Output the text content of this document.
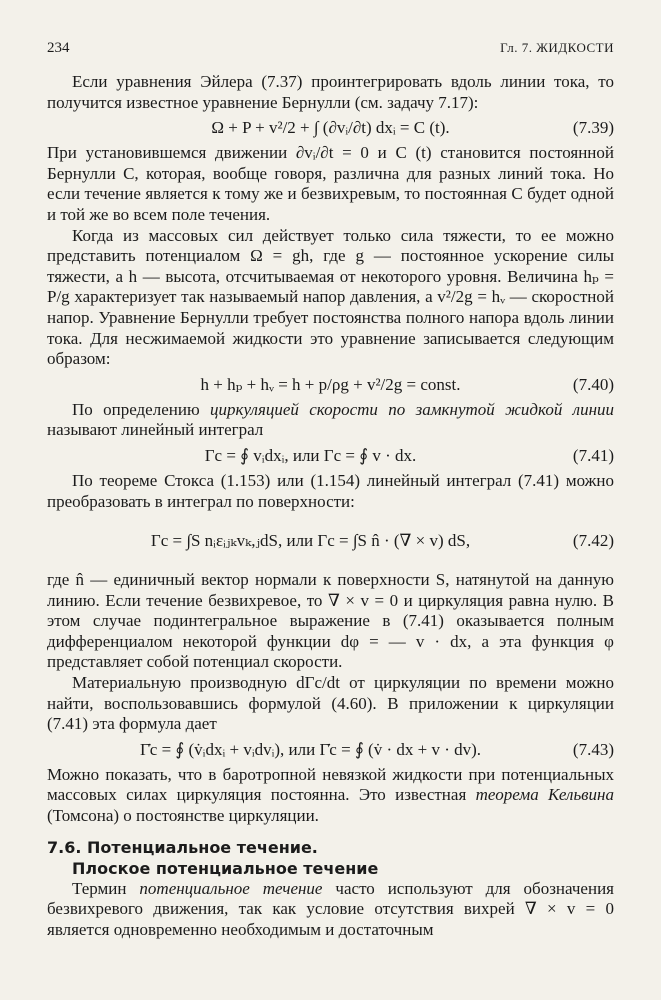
234	Гл. 7. ЖИДКОСТИ

Если уравнения Эйлера (7.37) проинтегрировать вдоль линии тока, то получится известное уравнение Бернулли (см. задачу 7.17):

Ω + P + v²/2 + ∫ (∂vᵢ/∂t) dxᵢ = C (t).	(7.39)

При установившемся движении ∂vᵢ/∂t = 0 и C (t) становится постоянной Бернулли C, которая, вообще говоря, различна для разных линий тока. Но если течение является к тому же и безвихревым, то постоянная C будет одной и той же во всем поле течения.

Когда из массовых сил действует только сила тяжести, то ее можно представить потенциалом Ω = gh, где g — постоянное ускорение силы тяжести, а h — высота, отсчитываемая от некоторого уровня. Величина hₚ = P/g характеризует так называемый напор давления, а v²/2g = hᵥ — скоростной напор. Уравнение Бернулли требует постоянства полного напора вдоль линии тока. Для несжимаемой жидкости это уравнение записывается следующим образом:

h + hₚ + hᵥ = h + p/ρg + v²/2g = const.	(7.40)

По определению циркуляцией скорости по замкнутой жидкой линии называют линейный интеграл

Γc = ∮ vᵢdxᵢ, или Γc = ∮ v · dx.	(7.41)

По теореме Стокса (1.153) или (1.154) линейный интеграл (7.41) можно преобразовать в интеграл по поверхности:

Γc = ∫S nᵢεᵢⱼₖvₖ,ⱼdS, или Γc = ∫S n̂ · (∇ × v) dS,	(7.42)

где n̂ — единичный вектор нормали к поверхности S, натянутой на данную линию. Если течение безвихревое, то ∇ × v = 0 и циркуляция равна нулю. В этом случае подинтегральное выражение в (7.41) оказывается полным дифференциалом некоторой функции dφ = — v · dx, а эта функция φ представляет собой потенциал скорости.

Материальную производную dΓc/dt от циркуляции по времени можно найти, воспользовавшись формулой (4.60). В приложении к циркуляции (7.41) эта формула дает

Γ̇c = ∮ (v̇ᵢdxᵢ + vᵢdvᵢ), или Γ̇c = ∮ (v̇ · dx + v · dv).	(7.43)

Можно показать, что в баротропной невязкой жидкости при потенциальных массовых силах циркуляция постоянна. Это известная теорема Кельвина (Томсона) о постоянстве циркуляции.

7.6. Потенциальное течение.
Плоское потенциальное течение

Термин потенциальное течение часто используют для обозначения безвихревого движения, так как условие отсутствия вихрей ∇ × v = 0 является одновременно необходимым и достаточным
